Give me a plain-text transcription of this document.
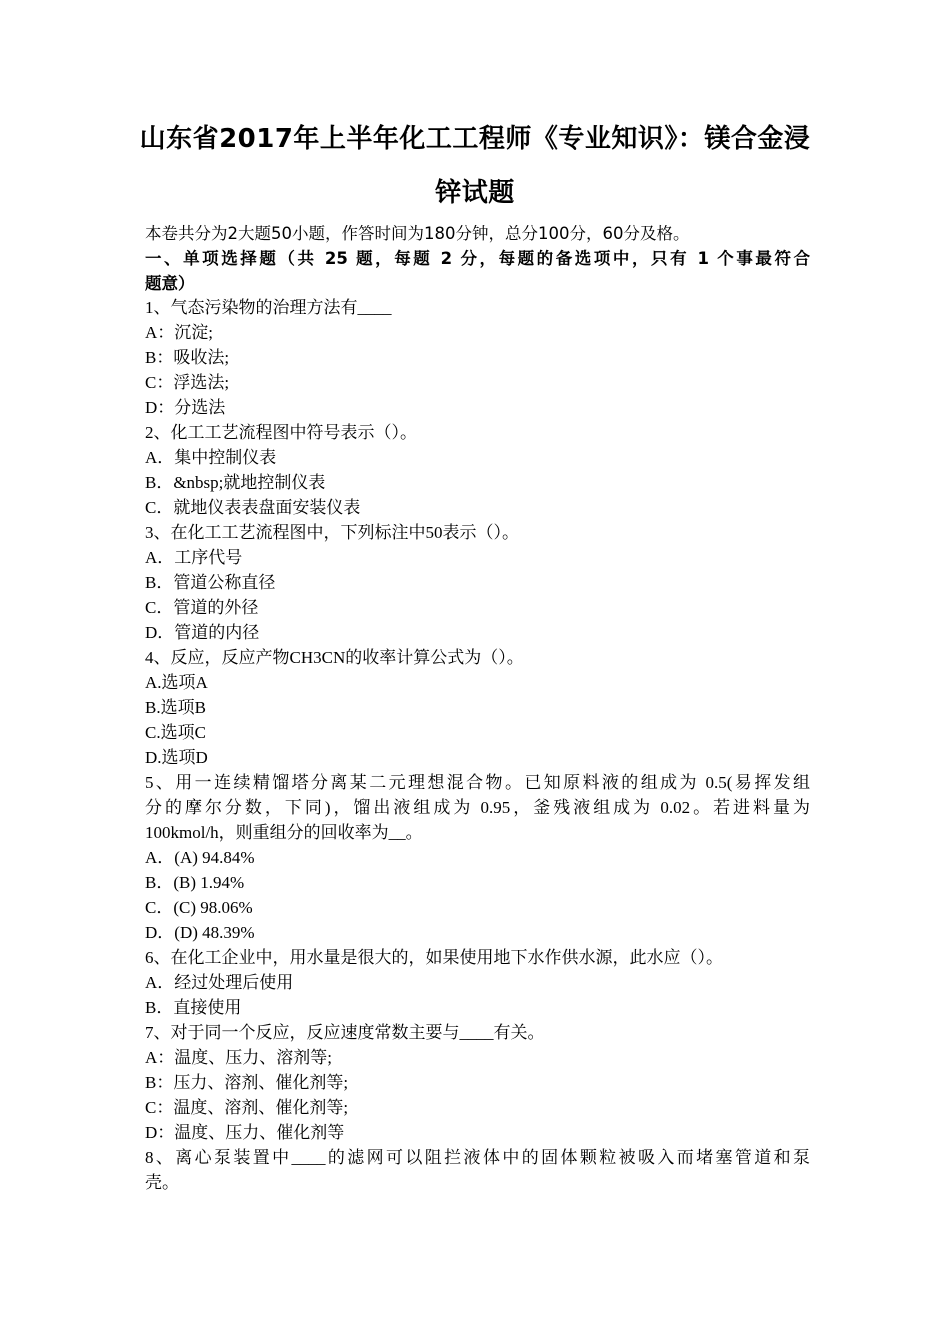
山东省2017年上半年化工工程师《专业知识》：镁合金浸
锌试题
本卷共分为2大题50小题，作答时间为180分钟，总分100分，60分及格。
一、单项选择题（共 25 题，每题 2 分，每题的备选项中，只有 1 个事最符合
题意）
1、气态污染物的治理方法有____
A：沉淀;
B：吸收法;
C：浮选法;
D：分选法
2、化工工艺流程图中符号表示（）。
A．集中控制仪表
B．&nbsp;就地控制仪表
C．就地仪表表盘面安装仪表
3、在化工工艺流程图中，下列标注中50表示（）。
A．工序代号
B．管道公称直径
C．管道的外径
D．管道的内径
4、反应，反应产物CH3CN的收率计算公式为（）。
A.选项A
B.选项B
C.选项C
D.选项D
5、用一连续精馏塔分离某二元理想混合物。已知原料液的组成为 0.5(易挥发组
分的摩尔分数，下同)，馏出液组成为 0.95，釜残液组成为 0.02。若进料量为
100kmol/h，则重组分的回收率为__。
A．(A) 94.84%
B．(B) 1.94%
C．(C) 98.06%
D．(D) 48.39%
6、在化工企业中，用水量是很大的，如果使用地下水作供水源，此水应（）。
A．经过处理后使用
B．直接使用
7、对于同一个反应，反应速度常数主要与____有关。
A：温度、压力、溶剂等;
B：压力、溶剂、催化剂等;
C：温度、溶剂、催化剂等;
D：温度、压力、催化剂等
8、离心泵装置中____的滤网可以阻拦液体中的固体颗粒被吸入而堵塞管道和泵
壳。
